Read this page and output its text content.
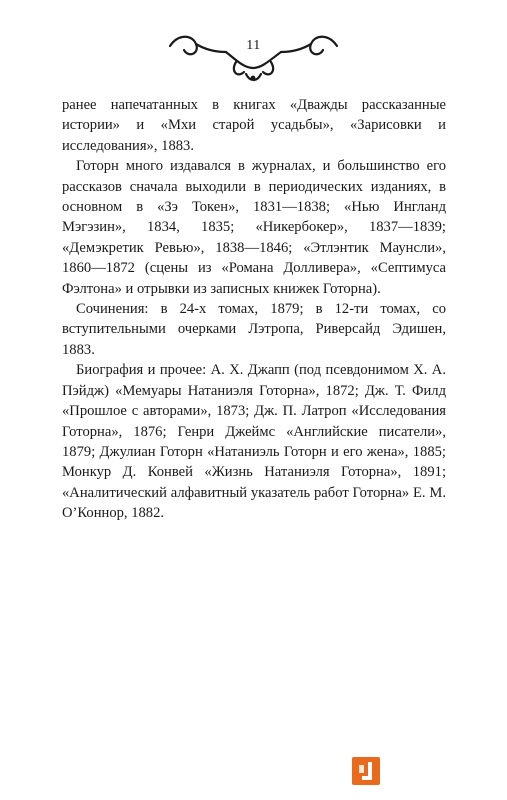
11

ранее напечатанных в книгах «Дважды рассказанные истории» и «Мхи старой усадьбы», «Зарисовки и исследования», 1883.

Готорн много издавался в журналах, и большинство его рассказов сначала выходили в периодических изданиях, в основном в «Зэ Токен», 1831—1838; «Нью Ингланд Мэгэзин», 1834, 1835; «Никербокер», 1837—1839; «Демэкретик Ревью», 1838—1846; «Этлэнтик Маунсли», 1860—1872 (сцены из «Романа Долливера», «Септимуса Фэлтона» и отрывки из записных книжек Готорна).

Сочинения: в 24-х томах, 1879; в 12-ти томах, со вступительными очерками Лэтропа, Риверсайд Эдишен, 1883.

Биография и прочее: А. Х. Джапп (под псевдонимом Х. А. Пэйдж) «Мемуары Натаниэля Готорна», 1872; Дж. Т. Филд «Прошлое с авторами», 1873; Дж. П. Латроп «Исследования Готорна», 1876; Генри Джеймс «Английские писатели», 1879; Джулиан Готорн «Натаниэль Готорн и его жена», 1885; Монкур Д. Конвей «Жизнь Натаниэля Готорна», 1891; «Аналитический алфавитный указатель работ Готорна» Е. М. О’Коннор, 1882.
